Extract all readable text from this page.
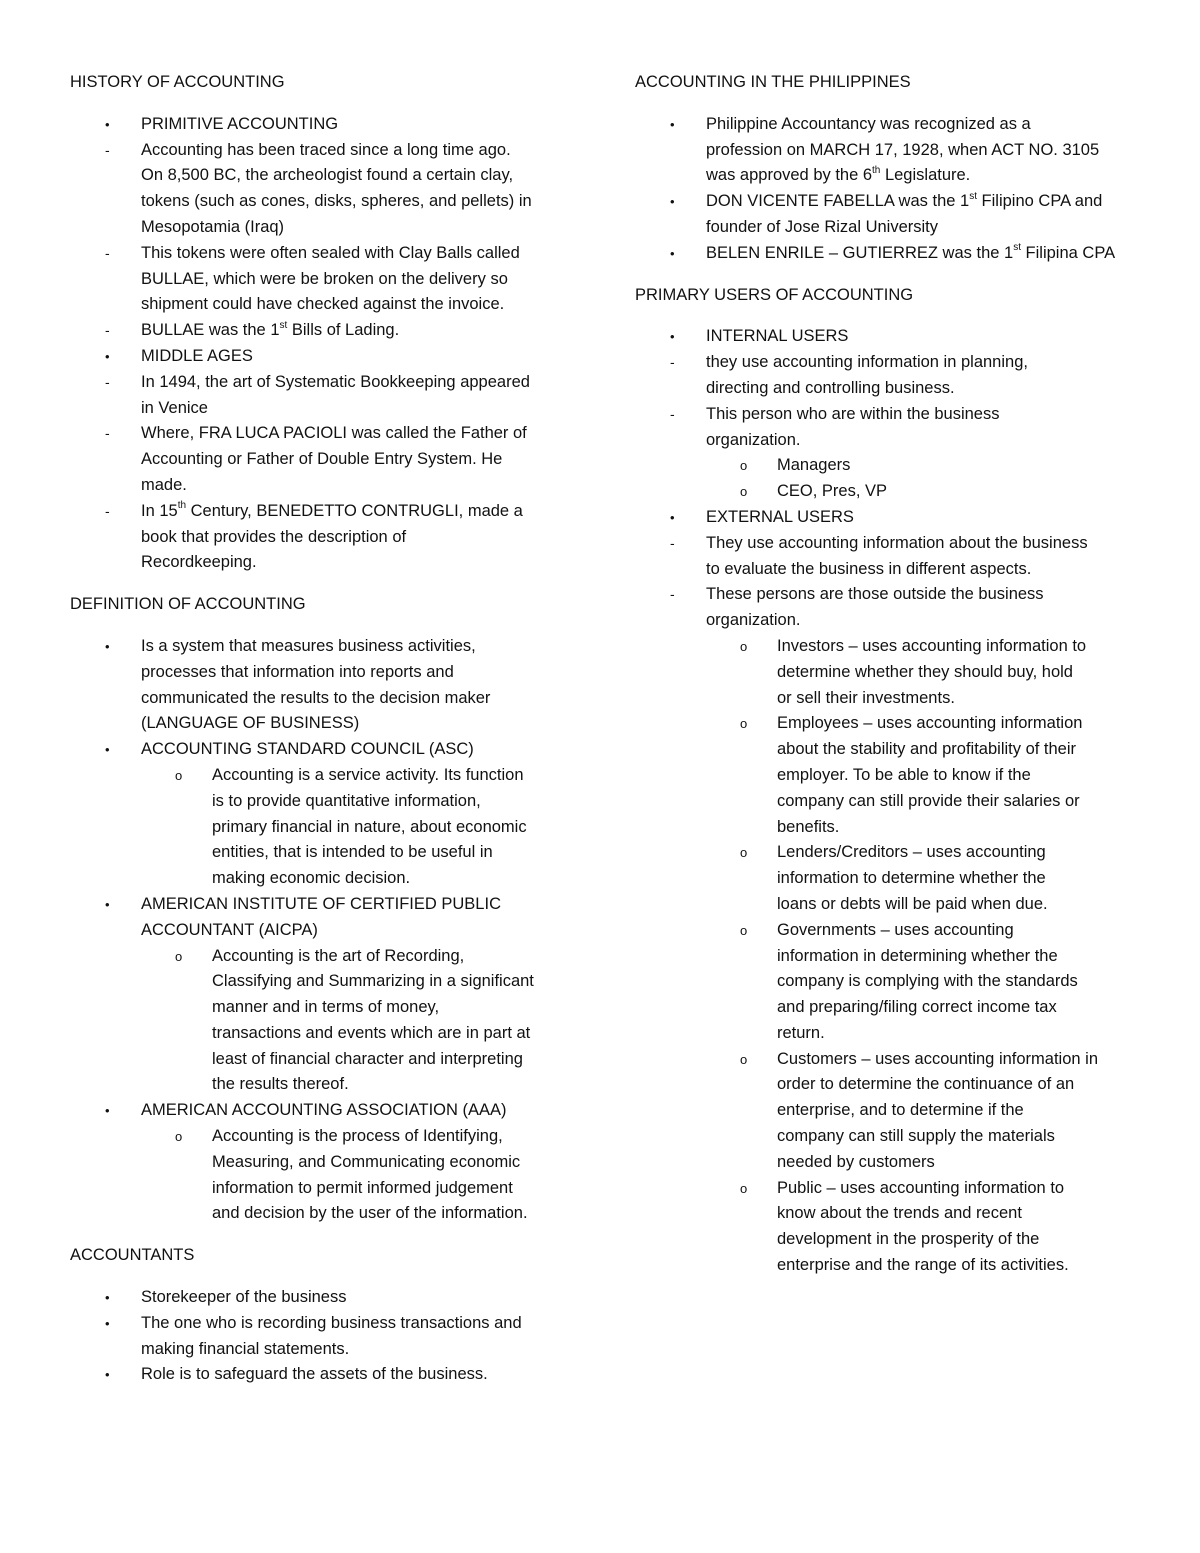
HISTORY OF ACCOUNTING
• PRIMITIVE ACCOUNTING
- Accounting has been traced since a long time ago.
On 8,500 BC, the archeologist found a certain clay,
tokens (such as cones, disks, spheres, and pellets) in
Mesopotamia (Iraq)
- This tokens were often sealed with Clay Balls called
BULLAE, which were be broken on the delivery so
shipment could have checked against the invoice.
- BULLAE was the 1st Bills of Lading.
• MIDDLE AGES
- In 1494, the art of Systematic Bookkeeping appeared
in Venice
- Where, FRA LUCA PACIOLI was called the Father of
Accounting or Father of Double Entry System. He
made.
- In 15th Century, BENEDETTO CONTRUGLI, made a
book that provides the description of
Recordkeeping.
DEFINITION OF ACCOUNTING
• Is a system that measures business activities,
processes that information into reports and
communicated the results to the decision maker
(LANGUAGE OF BUSINESS)
• ACCOUNTING STANDARD COUNCIL (ASC)
o Accounting is a service activity. Its function
is to provide quantitative information,
primary financial in nature, about economic
entities, that is intended to be useful in
making economic decision.
• AMERICAN INSTITUTE OF CERTIFIED PUBLIC
ACCOUNTANT (AICPA)
o Accounting is the art of Recording,
Classifying and Summarizing in a significant
manner and in terms of money,
transactions and events which are in part at
least of financial character and interpreting
the results thereof.
• AMERICAN ACCOUNTING ASSOCIATION (AAA)
o Accounting is the process of Identifying,
Measuring, and Communicating economic
information to permit informed judgement
and decision by the user of the information.
ACCOUNTANTS
• Storekeeper of the business
• The one who is recording business transactions and
making financial statements.
• Role is to safeguard the assets of the business.
ACCOUNTING IN THE PHILIPPINES
• Philippine Accountancy was recognized as a
profession on MARCH 17, 1928, when ACT NO. 3105
was approved by the 6th Legislature.
• DON VICENTE FABELLA was the 1st Filipino CPA and
founder of Jose Rizal University
• BELEN ENRILE – GUTIERREZ was the 1st Filipina CPA
PRIMARY USERS OF ACCOUNTING
• INTERNAL USERS
- they use accounting information in planning,
directing and controlling business.
- This person who are within the business
organization.
o Managers
o CEO, Pres, VP
• EXTERNAL USERS
- They use accounting information about the business
to evaluate the business in different aspects.
- These persons are those outside the business
organization.
o Investors – uses accounting information to
determine whether they should buy, hold
or sell their investments.
o Employees – uses accounting information
about the stability and profitability of their
employer. To be able to know if the
company can still provide their salaries or
benefits.
o Lenders/Creditors – uses accounting
information to determine whether the
loans or debts will be paid when due.
o Governments – uses accounting
information in determining whether the
company is complying with the standards
and preparing/filing correct income tax
return.
o Customers – uses accounting information in
order to determine the continuance of an
enterprise, and to determine if the
company can still supply the materials
needed by customers
o Public – uses accounting information to
know about the trends and recent
development in the prosperity of the
enterprise and the range of its activities.
